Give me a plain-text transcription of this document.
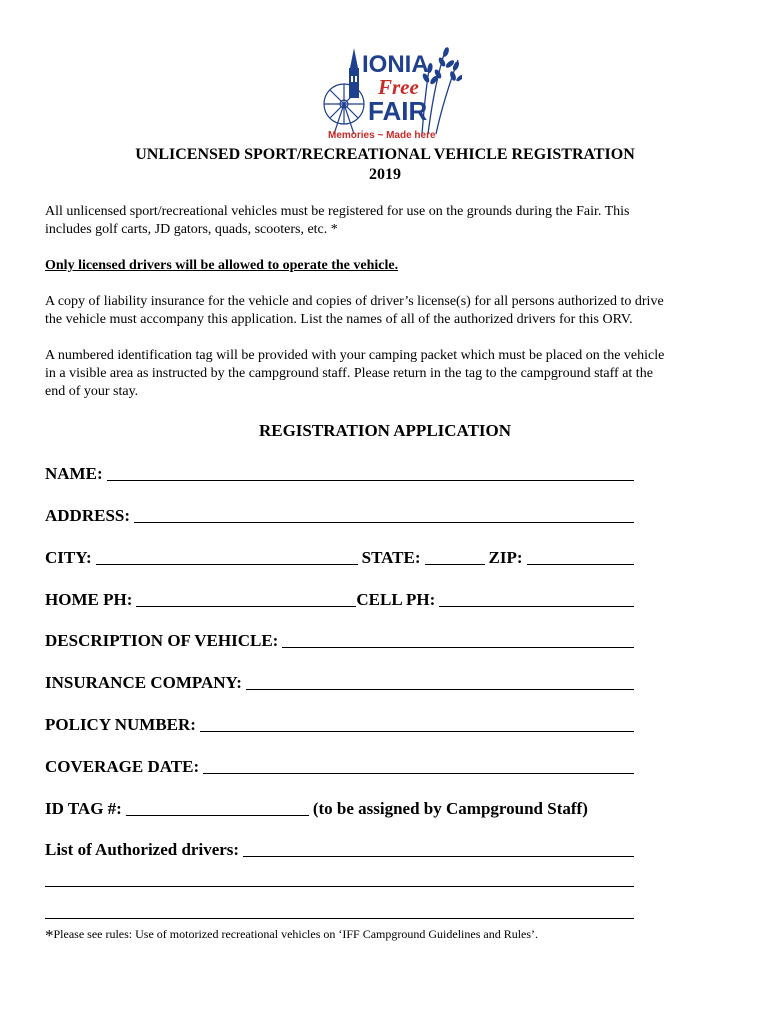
IONIA
Free
FAIR
Memories ~ Made here
UNLICENSED SPORT/RECREATIONAL VEHICLE REGISTRATION
2019
All unlicensed sport/recreational vehicles must be registered for use on the grounds during the Fair. This
includes golf carts, JD gators, quads, scooters, etc. *
Only licensed drivers will be allowed to operate the vehicle.
A copy of liability insurance for the vehicle and copies of driver’s license(s) for all persons authorized to drive
the vehicle must accompany this application. List the names of all of the authorized drivers for this ORV.
A numbered identification tag will be provided with your camping packet which must be placed on the vehicle
in a visible area as instructed by the campground staff. Please return in the tag to the campground staff at the
end of your stay.
REGISTRATION APPLICATION
NAME:
ADDRESS:
CITY:	STATE:	ZIP:
HOME PH:	CELL PH:
DESCRIPTION OF VEHICLE:
INSURANCE COMPANY:
POLICY NUMBER:
COVERAGE DATE:
ID TAG #:	(to be assigned by Campground Staff)
List of Authorized drivers:
*Please see rules: Use of motorized recreational vehicles on ‘IFF Campground Guidelines and Rules’.
